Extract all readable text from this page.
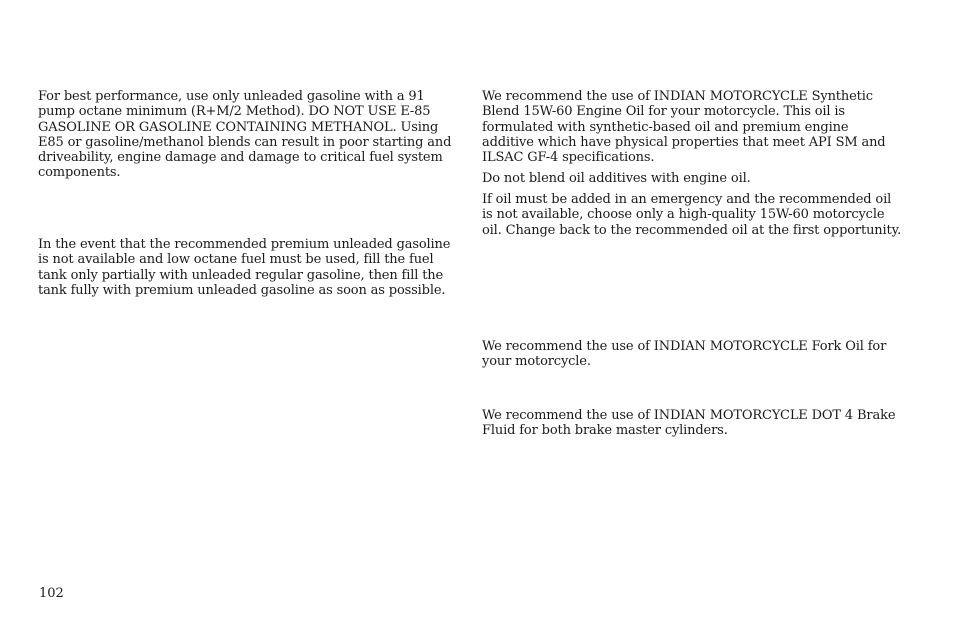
For best performance, use only unleaded gasoline with a 91 pump octane minimum (R+M/2 Method). DO NOT USE E-85 GASOLINE OR GASOLINE CONTAINING METHANOL. Using E85 or gasoline/methanol blends can result in poor starting and driveability, engine damage and damage to critical fuel system components.

In the event that the recommended premium unleaded gasoline is not available and low octane fuel must be used, fill the fuel tank only partially with unleaded regular gasoline, then fill the tank fully with premium unleaded gasoline as soon as possible.

We recommend the use of INDIAN MOTORCYCLE Synthetic Blend 15W-60 Engine Oil for your motorcycle. This oil is formulated with synthetic-based oil and premium engine additive which have physical properties that meet API SM and ILSAC GF-4 specifications.

Do not blend oil additives with engine oil.

If oil must be added in an emergency and the recommended oil is not available, choose only a high-quality 15W-60 motorcycle oil. Change back to the recommended oil at the first opportunity.

We recommend the use of INDIAN MOTORCYCLE Fork Oil for your motorcycle.

We recommend the use of INDIAN MOTORCYCLE DOT 4 Brake Fluid for both brake master cylinders.

102
